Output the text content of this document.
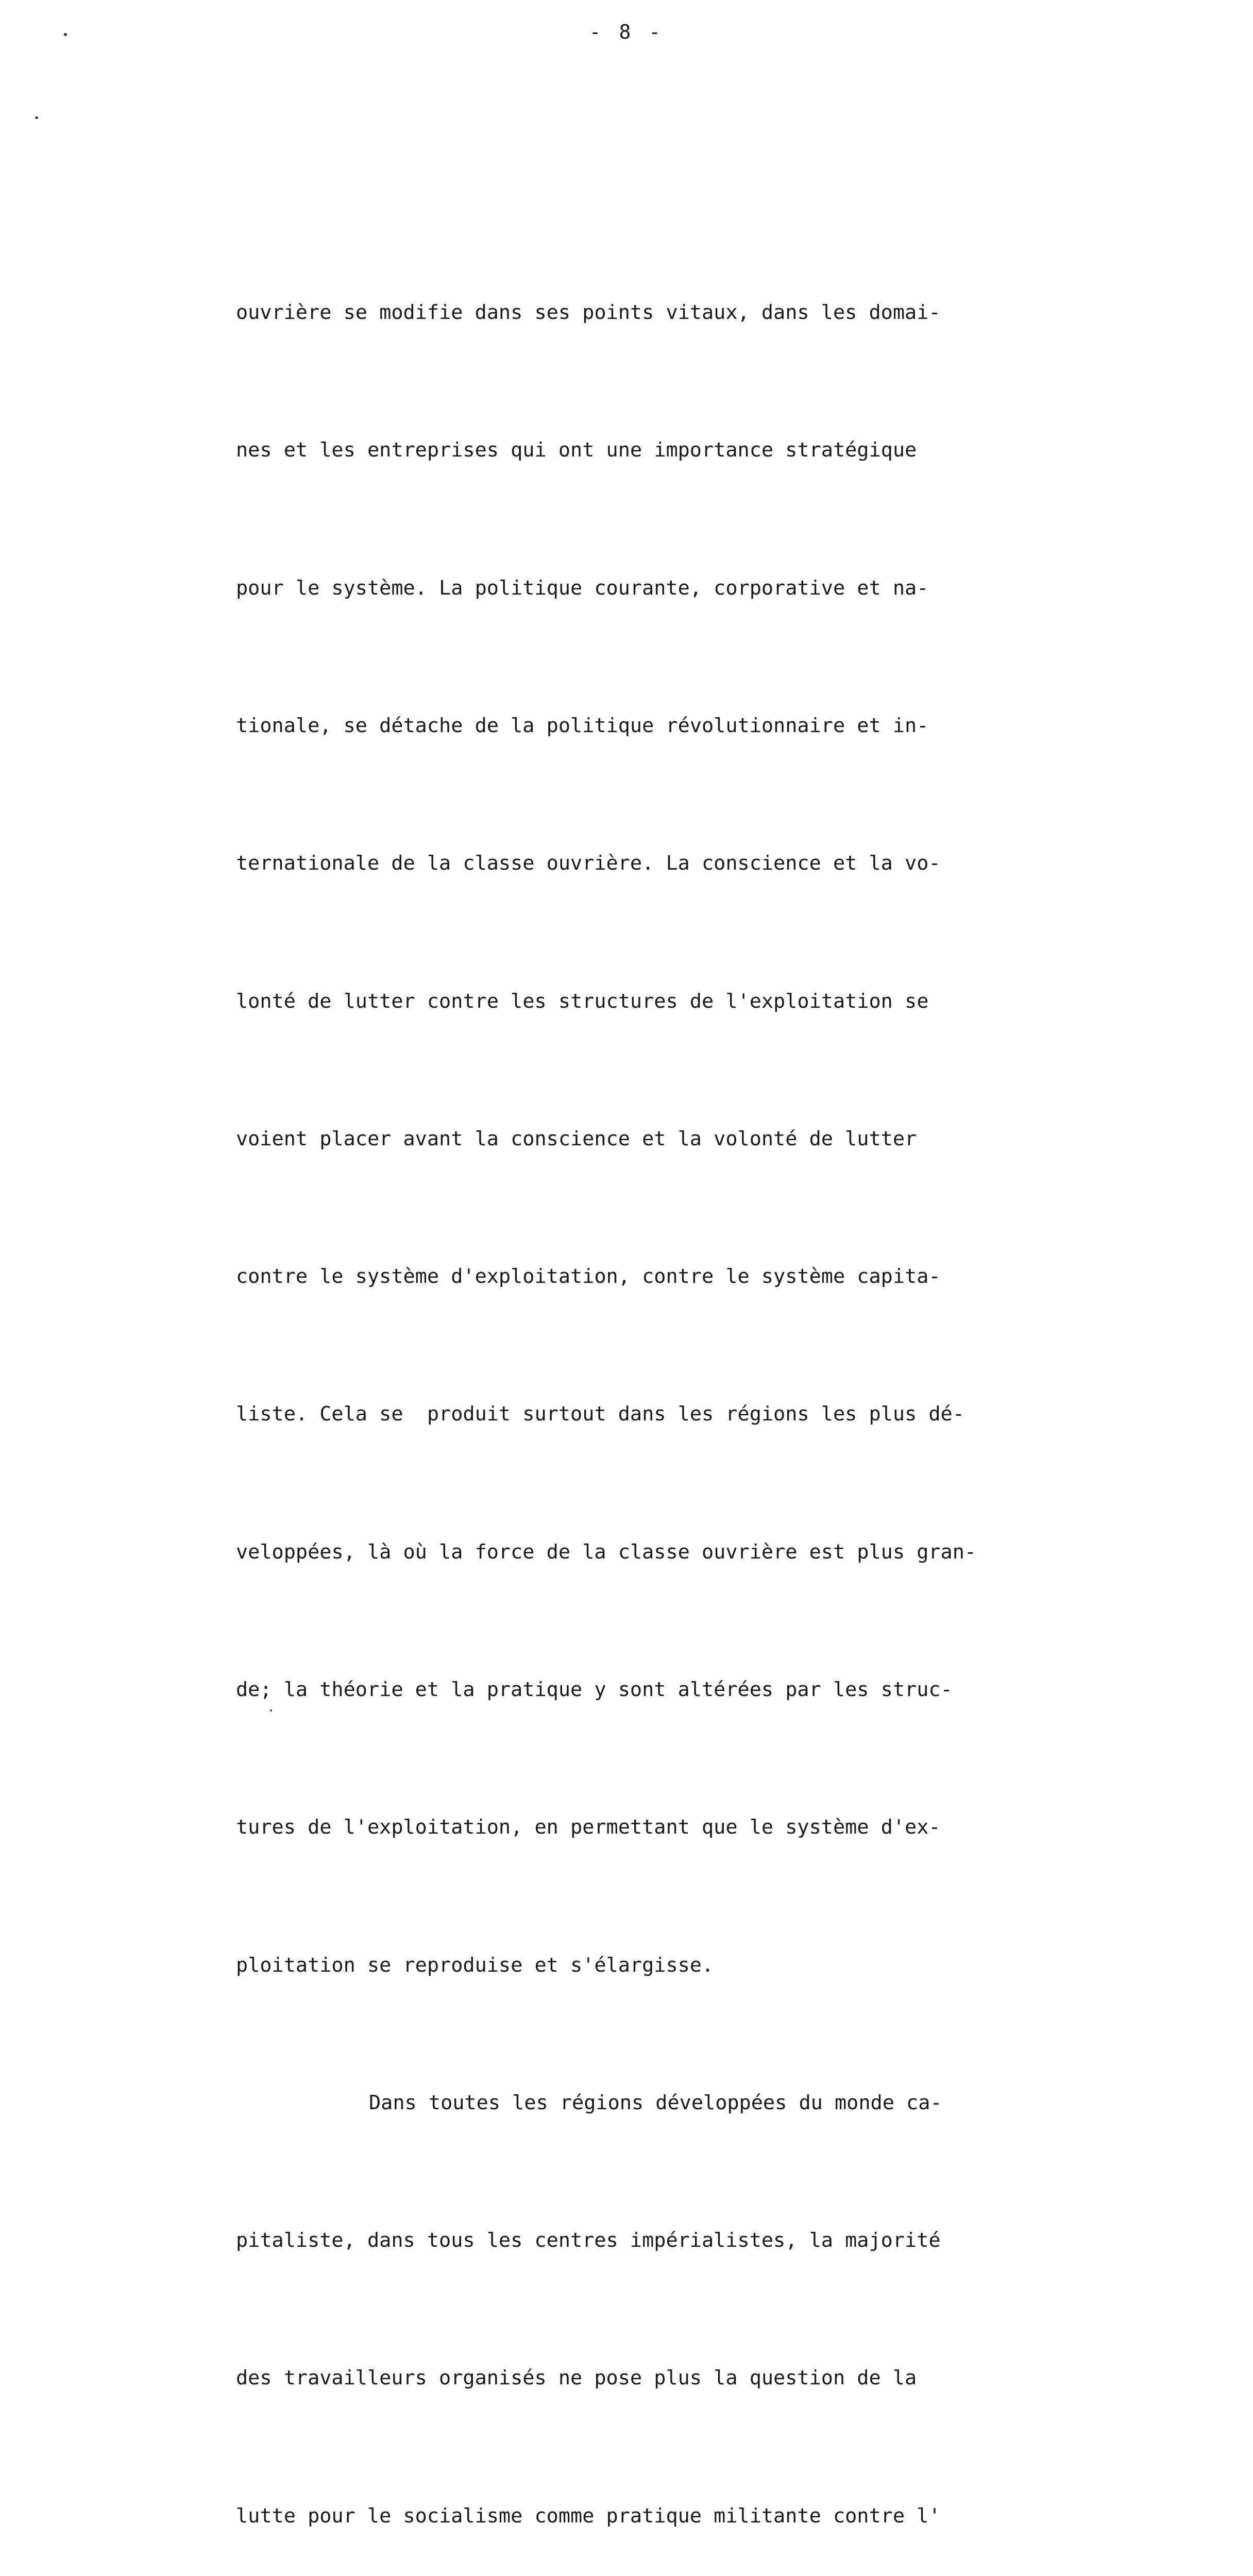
- 8 -

ouvrière se modifie dans ses points vitaux, dans les domai-

nes et les entreprises qui ont une importance stratégique

pour le système. La politique courante, corporative et na-

tionale, se détache de la politique révolutionnaire et in-

ternationale de la classe ouvrière. La conscience et la vo-

lonté de lutter contre les structures de l'exploitation se

voient placer avant la conscience et la volonté de lutter

contre le système d'exploitation, contre le système capita-

liste. Cela se  produit surtout dans les régions les plus dé-

veloppées, là où la force de la classe ouvrière est plus gran-

de; la théorie et la pratique y sont altérées par les struc-

tures de l'exploitation, en permettant que le système d'ex-

ploitation se reproduise et s'élargisse.

Dans toutes les régions développées du monde ca-

pitaliste, dans tous les centres impérialistes, la majorité

des travailleurs organisés ne pose plus la question de la

lutte pour le socialisme comme pratique militante contre l'
